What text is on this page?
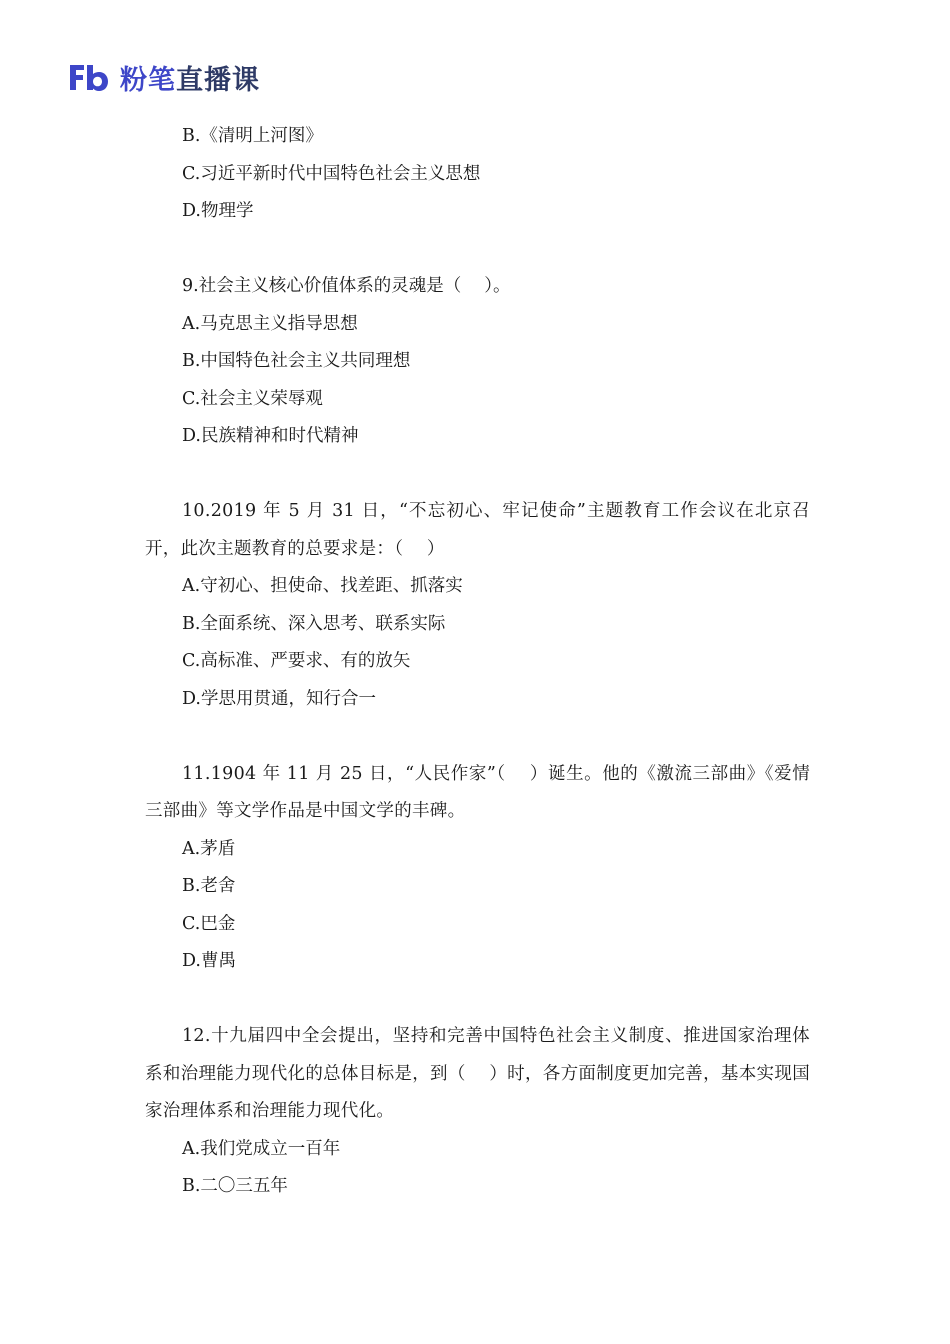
粉笔直播课
B.《清明上河图》
C.习近平新时代中国特色社会主义思想
D.物理学
9.社会主义核心价值体系的灵魂是（　 ）。
A.马克思主义指导思想
B.中国特色社会主义共同理想
C.社会主义荣辱观
D.民族精神和时代精神
10.2019 年 5 月 31 日，“不忘初心、牢记使命”主题教育工作会议在北京召开，此次主题教育的总要求是：（　 ）
A.守初心、担使命、找差距、抓落实
B.全面系统、深入思考、联系实际
C.高标准、严要求、有的放矢
D.学思用贯通，知行合一
11.1904 年 11 月 25 日，“人民作家”（　 ）诞生。他的《激流三部曲》《爱情三部曲》等文学作品是中国文学的丰碑。
A.茅盾
B.老舍
C.巴金
D.曹禺
12.十九届四中全会提出，坚持和完善中国特色社会主义制度、推进国家治理体系和治理能力现代化的总体目标是，到（　 ）时，各方面制度更加完善，基本实现国家治理体系和治理能力现代化。
A.我们党成立一百年
B.二〇三五年
